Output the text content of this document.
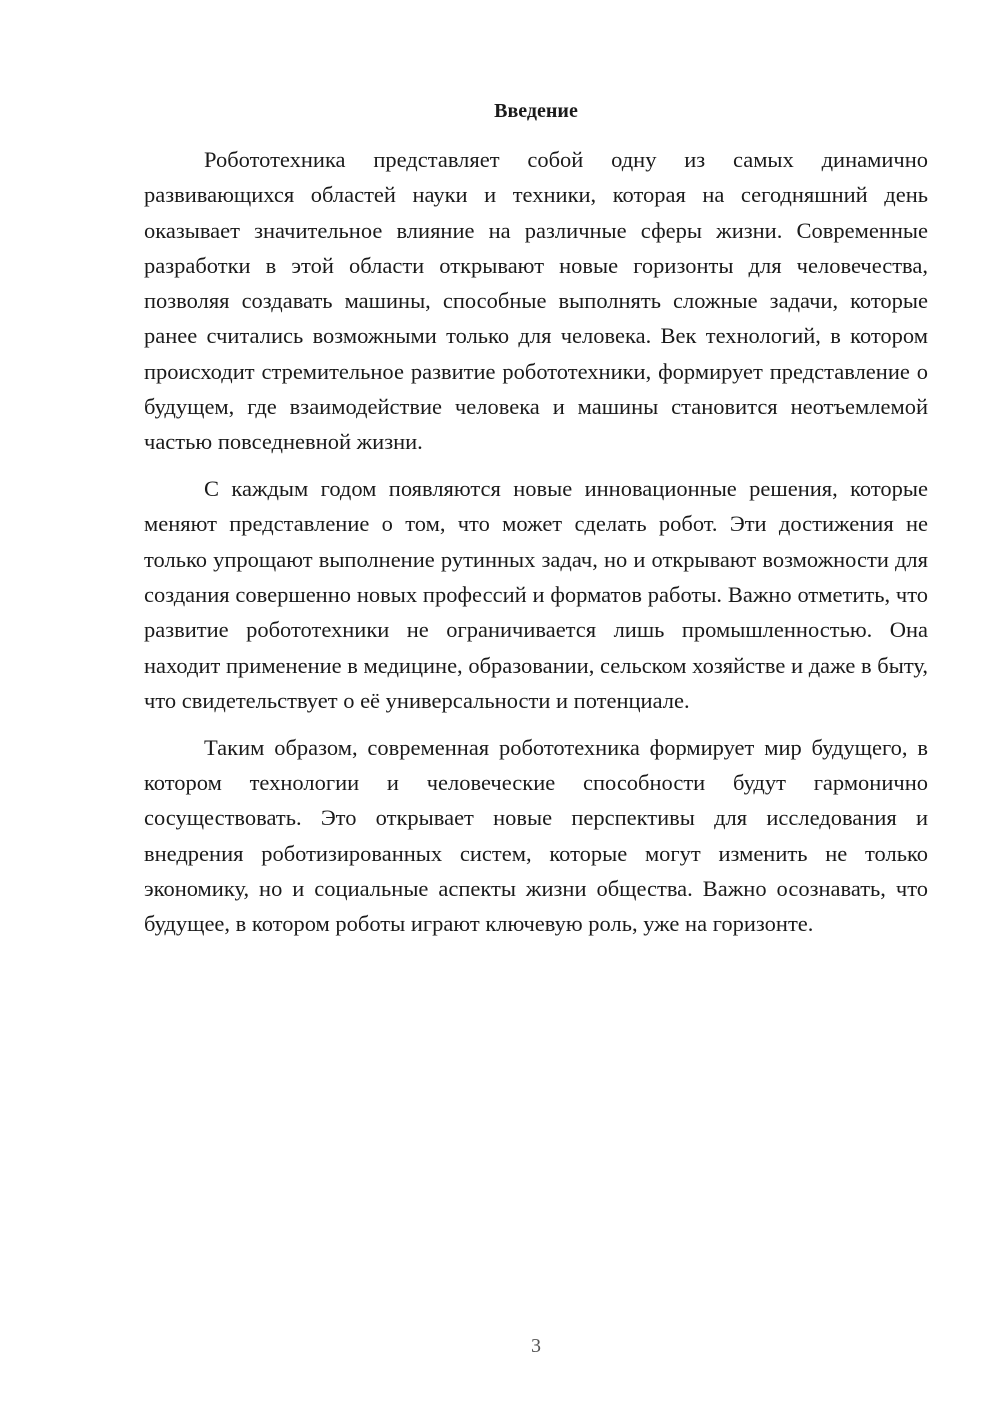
Введение

Робототехника представляет собой одну из самых динамично развивающихся областей науки и техники, которая на сегодняшний день оказывает значительное влияние на различные сферы жизни. Современные разработки в этой области открывают новые горизонты для человечества, позволяя создавать машины, способные выполнять сложные задачи, которые ранее считались возможными только для человека. Век технологий, в котором происходит стремительное развитие робототехники, формирует представление о будущем, где взаимодействие человека и машины становится неотъемлемой частью повседневной жизни.

С каждым годом появляются новые инновационные решения, которые меняют представление о том, что может сделать робот. Эти достижения не только упрощают выполнение рутинных задач, но и открывают возможности для создания совершенно новых профессий и форматов работы. Важно отметить, что развитие робототехники не ограничивается лишь промышленностью. Она находит применение в медицине, образовании, сельском хозяйстве и даже в быту, что свидетельствует о её универсальности и потенциале.

Таким образом, современная робототехника формирует мир будущего, в котором технологии и человеческие способности будут гармонично сосуществовать. Это открывает новые перспективы для исследования и внедрения роботизированных систем, которые могут изменить не только экономику, но и социальные аспекты жизни общества. Важно осознавать, что будущее, в котором роботы играют ключевую роль, уже на горизонте.

3
